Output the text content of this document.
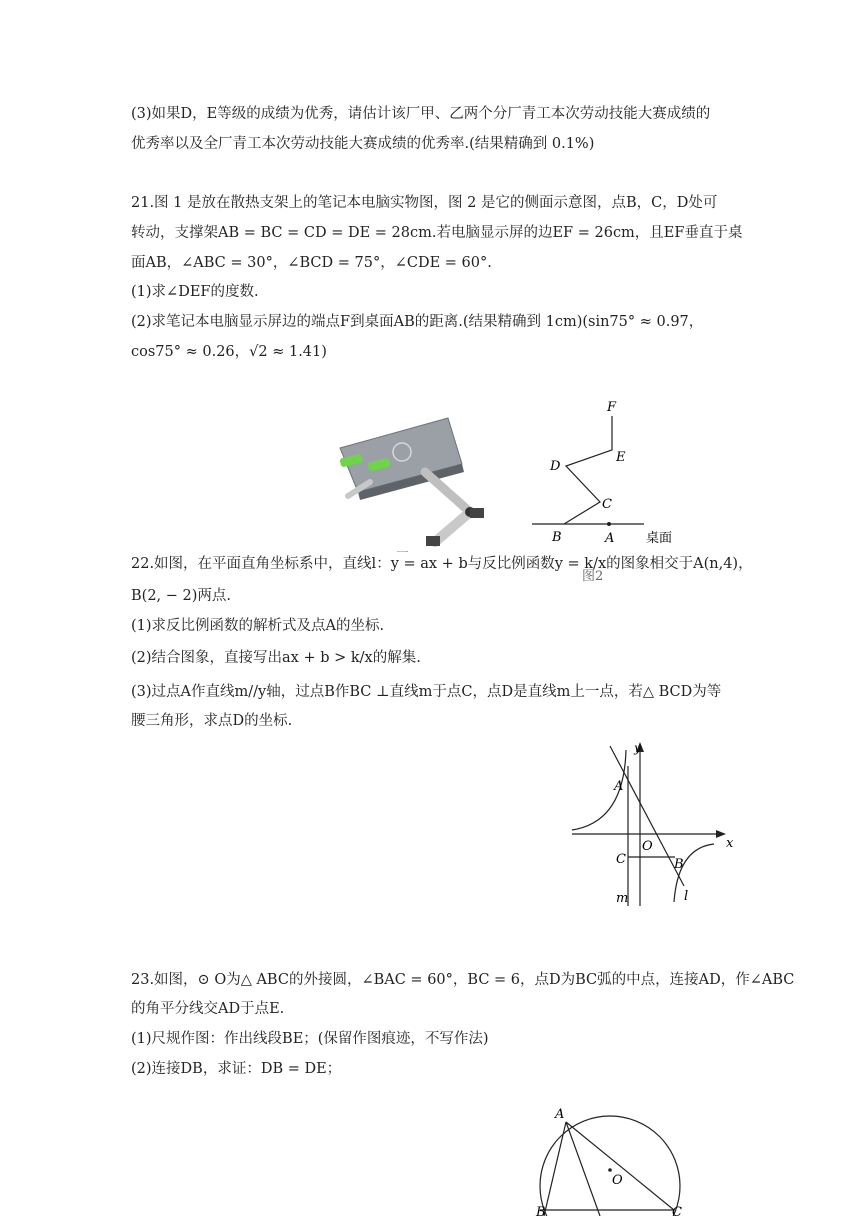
(3)如果D，E等级的成绩为优秀，请估计该厂甲、乙两个分厂青工本次劳动技能大赛成绩的
优秀率以及全厂青工本次劳动技能大赛成绩的优秀率.(结果精确到 0.1%)
21.图 1 是放在散热支架上的笔记本电脑实物图，图 2 是它的侧面示意图，点B，C，D处可
转动，支撑架AB = BC = CD = DE = 28cm.若电脑显示屏的边EF = 26cm，且EF垂直于桌
面AB，∠ABC = 30°，∠BCD = 75°，∠CDE = 60°.
(1)求∠DEF的度数.
(2)求笔记本电脑显示屏边的端点F到桌面AB的距离.(结果精确到 1cm)(sin75° ≈ 0.97，
cos75° ≈ 0.26，√2 ≈ 1.41)
F
E
D
C
B	A 桌面
图2
22.如图，在平面直角坐标系中，直线l：y = ax + b与反比例函数y = k/x的图象相交于A(n,4)，
B(2, − 2)两点.
(1)求反比例函数的解析式及点A的坐标.
(2)结合图象，直接写出ax + b > k/x的解集.
(3)过点A作直线m//y轴，过点B作BC ⊥直线m于点C，点D是直线m上一点，若△ BCD为等
腰三角形，求点D的坐标.
y
x
A
O
B
C
m	l
23.如图，⊙ O为△ ABC的外接圆，∠BAC = 60°，BC = 6，点D为BC弧的中点，连接AD，作∠ABC
的角平分线交AD于点E.
(1)尺规作图：作出线段BE；(保留作图痕迹，不写作法)
(2)连接DB，求证：DB = DE；
A
O
B	C
